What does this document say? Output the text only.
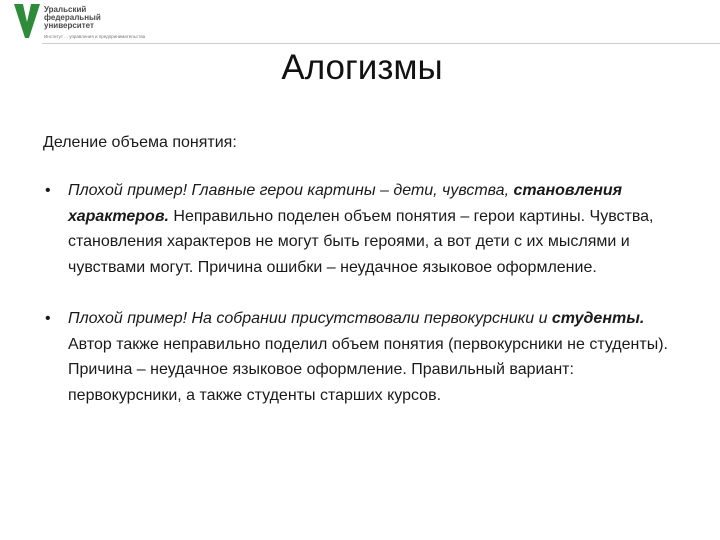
Уральский
федеральный
университет
Институт ... управления и предпринимательства
Алогизмы
Деление объема понятия:
• Плохой пример! Главные герои картины – дети, чувства, становления характеров. Неправильно поделен объем понятия – герои картины. Чувства, становления характеров не могут быть героями, а вот дети с их мыслями и чувствами могут. Причина ошибки – неудачное языковое оформление.
• Плохой пример! На собрании присутствовали первокурсники и студенты. Автор также неправильно поделил объем понятия (первокурсники не студенты). Причина – неудачное языковое оформление. Правильный вариант: первокурсники, а также студенты старших курсов.
